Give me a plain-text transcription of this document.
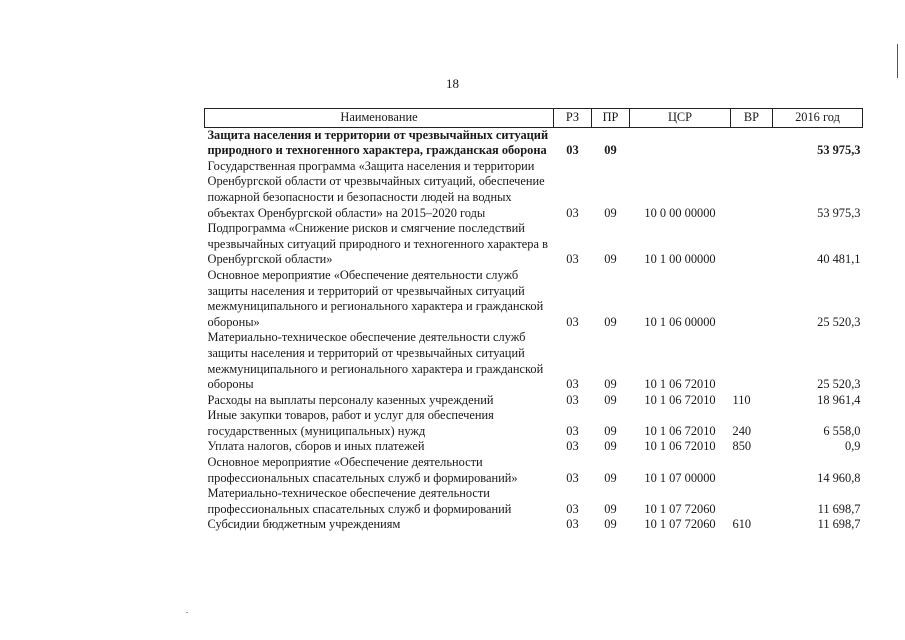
18
Наименование	РЗ	ПР	ЦСР	ВР	2016 год
Защита населения и территории от чрезвычайных ситуаций природного и техногенного характера, гражданская оборона	03	09			53 975,3
Государственная программа «Защита населения и территории Оренбургской области от чрезвычайных ситуаций, обеспечение пожарной безопасности и безопасности людей на водных объектах Оренбургской области» на 2015–2020 годы	03	09	10 0 00 00000		53 975,3
Подпрограмма «Снижение рисков и смягчение последствий чрезвычайных ситуаций природного и техногенного характера в Оренбургской области»	03	09	10 1 00 00000		40 481,1
Основное мероприятие «Обеспечение деятельности служб защиты населения и территорий от чрезвычайных ситуаций межмуниципального и регионального характера и гражданской обороны»	03	09	10 1 06 00000		25 520,3
Материально-техническое обеспечение деятельности служб защиты населения и территорий от чрезвычайных ситуаций межмуниципального и регионального характера и гражданской обороны	03	09	10 1 06 72010		25 520,3
Расходы на выплаты персоналу казенных учреждений	03	09	10 1 06 72010	110	18 961,4
Иные закупки товаров, работ и услуг для обеспечения государственных (муниципальных) нужд	03	09	10 1 06 72010	240	6 558,0
Уплата налогов, сборов и иных платежей	03	09	10 1 06 72010	850	0,9
Основное мероприятие «Обеспечение деятельности профессиональных спасательных служб и формирований»	03	09	10 1 07 00000		14 960,8
Материально-техническое обеспечение деятельности профессиональных спасательных служб и формирований	03	09	10 1 07 72060		11 698,7
Субсидии бюджетным учреждениям	03	09	10 1 07 72060	610	11 698,7
